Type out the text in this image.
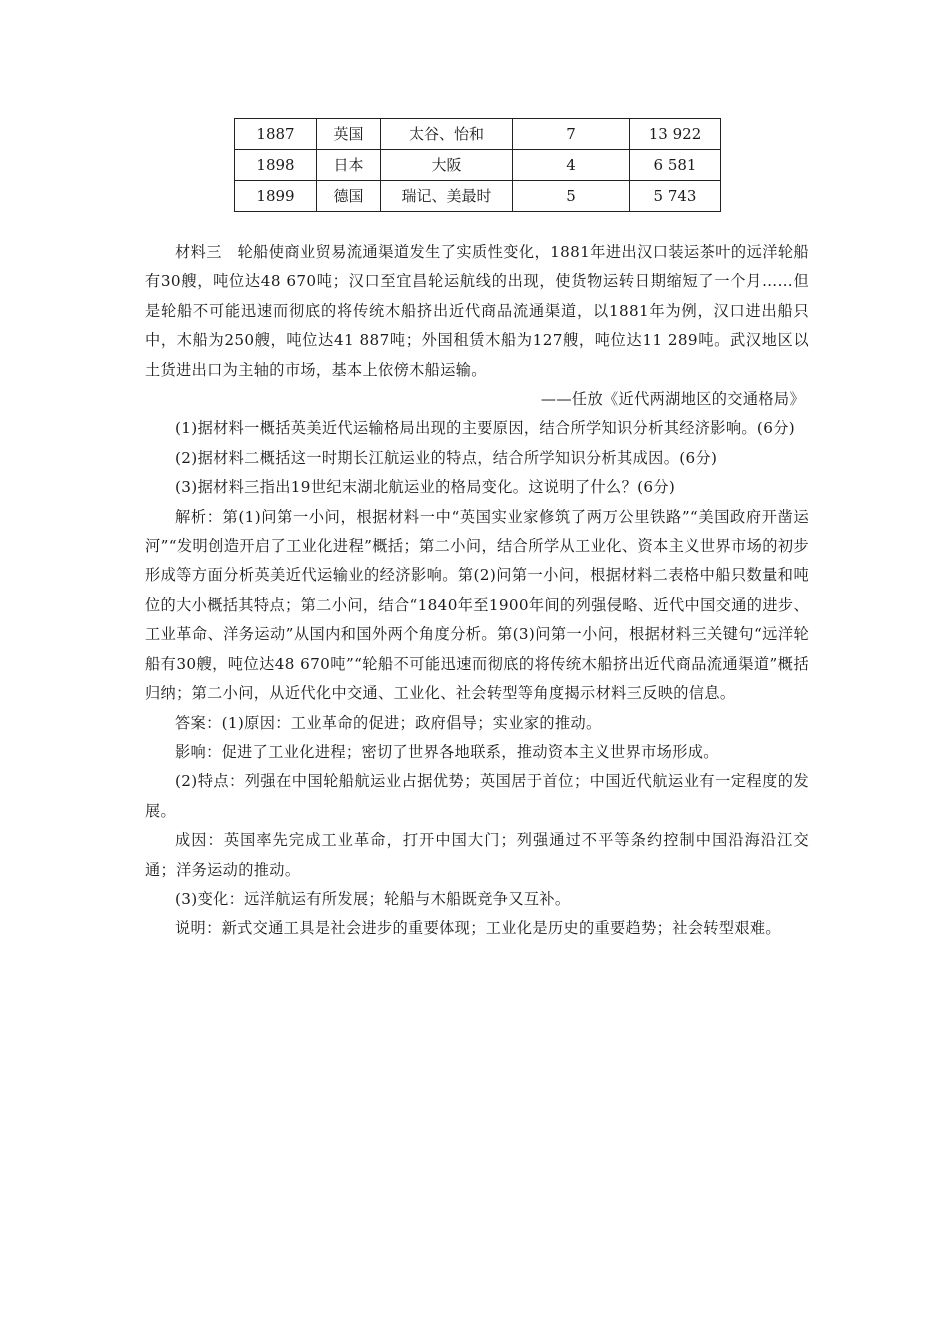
1887	英国	太谷、怡和	7	13 922
1898	日本	大阪	4	6 581
1899	德国	瑞记、美最时	5	5 743

材料三　轮船使商业贸易流通渠道发生了实质性变化，1881年进出汉口装运茶叶的远洋轮船有30艘，吨位达48 670吨；汉口至宜昌轮运航线的出现，使货物运转日期缩短了一个月……但是轮船不可能迅速而彻底的将传统木船挤出近代商品流通渠道，以1881年为例，汉口进出船只中，木船为250艘，吨位达41 887吨；外国租赁木船为127艘，吨位达11 289吨。武汉地区以土货进出口为主轴的市场，基本上依傍木船运输。

——任放《近代两湖地区的交通格局》

(1)据材料一概括英美近代运输格局出现的主要原因，结合所学知识分析其经济影响。(6分)

(2)据材料二概括这一时期长江航运业的特点，结合所学知识分析其成因。(6分)

(3)据材料三指出19世纪末湖北航运业的格局变化。这说明了什么？(6分)

解析：第(1)问第一小问，根据材料一中“英国实业家修筑了两万公里铁路”“美国政府开凿运河”“发明创造开启了工业化进程”概括；第二小问，结合所学从工业化、资本主义世界市场的初步形成等方面分析英美近代运输业的经济影响。第(2)问第一小问，根据材料二表格中船只数量和吨位的大小概括其特点；第二小问，结合“1840年至1900年间的列强侵略、近代中国交通的进步、工业革命、洋务运动”从国内和国外两个角度分析。第(3)问第一小问，根据材料三关键句“远洋轮船有30艘，吨位达48 670吨”“轮船不可能迅速而彻底的将传统木船挤出近代商品流通渠道”概括归纳；第二小问，从近代化中交通、工业化、社会转型等角度揭示材料三反映的信息。

答案：(1)原因：工业革命的促进；政府倡导；实业家的推动。

影响：促进了工业化进程；密切了世界各地联系，推动资本主义世界市场形成。

(2)特点：列强在中国轮船航运业占据优势；英国居于首位；中国近代航运业有一定程度的发展。

成因：英国率先完成工业革命，打开中国大门；列强通过不平等条约控制中国沿海沿江交通；洋务运动的推动。

(3)变化：远洋航运有所发展；轮船与木船既竞争又互补。

说明：新式交通工具是社会进步的重要体现；工业化是历史的重要趋势；社会转型艰难。
